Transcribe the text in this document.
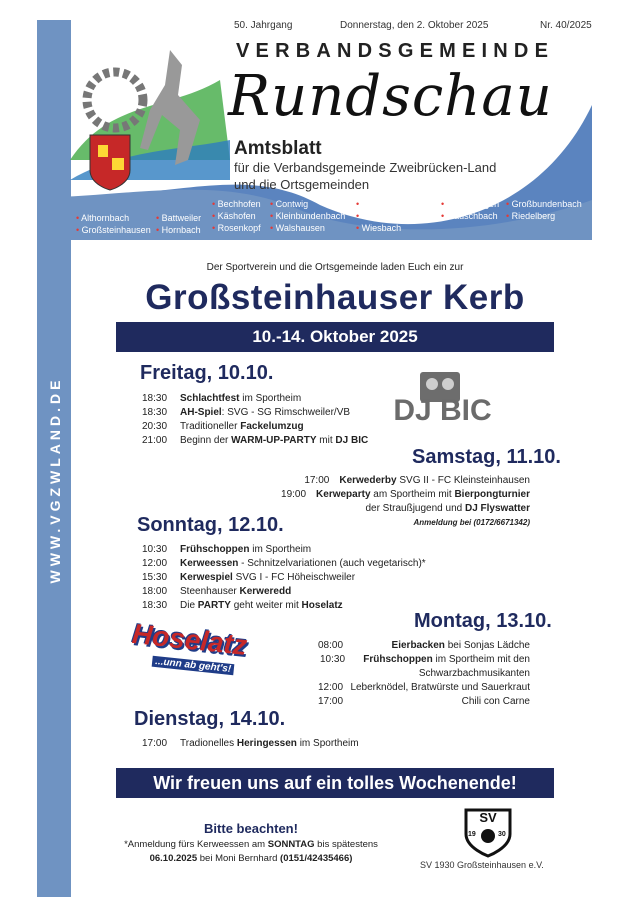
50. Jahrgang	Donnerstag, den 2. Oktober 2025	Nr. 40/2025
VERBANDSGEMEINDE
Rundschau
Amtsblatt
für die Verbandsgemeinde Zweibrücken-Land
und die Ortsgemeinden
• Althornbach
• Großsteinhausen
• Battweiler
• Hornbach
• Bechhofen
• Käshofen
• Rosenkopf
• Contwig
• Kleinbundenbach
• Walshausen
• Dellfeld
• Kleinsteinhausen
• Wiesbach
• Dietrichingen
• Mauschbach
• Großbundenbach
• Riedelberg
WWW.VGZWLAND.DE
Der Sportverein und die Ortsgemeinde laden Euch ein zur
Großsteinhauser Kerb
10.-14. Oktober 2025
Freitag, 10.10.
18:30 Schlachtfest im Sportheim
18:30 AH-Spiel: SVG - SG Rimschweiler/VB
20:30 Traditioneller Fackelumzug
21:00 Beginn der WARM-UP-PARTY mit DJ BIC
DJ BIC
Samstag, 11.10.
17:00 Kerwederby SVG II - FC Kleinsteinhausen
19:00 Kerweparty am Sportheim mit Bierpongturnier
der Straußjugend und DJ Flyswatter
Anmeldung bei (0172/6671342)
Sonntag, 12.10.
10:30 Frühschoppen im Sportheim
12:00 Kerweessen - Schnitzelvariationen (auch vegetarisch)*
15:30 Kerwespiel SVG I - FC Höheischweiler
18:00 Steenhauser Kerweredd
18:30 Die PARTY geht weiter mit Hoselatz
Hoselatz
...unn ab geht's!
Montag, 13.10.
08:00	Eierbacken bei Sonjas Lädche
10:30 Frühschoppen im Sportheim mit den
Schwarzbachmusikanten
12:00 Leberknödel, Bratwürste und Sauerkraut
17:00	Chili con Carne
Dienstag, 14.10.
17:00 Tradionelles Heringessen im Sportheim
Wir freuen uns auf ein tolles Wochenende!
Bitte beachten!
*Anmeldung fürs Kerweessen am SONNTAG bis spätestens
06.10.2025 bei Moni Bernhard (0151/42435466)
SV
19	30
SV 1930 Großsteinhausen e.V.
